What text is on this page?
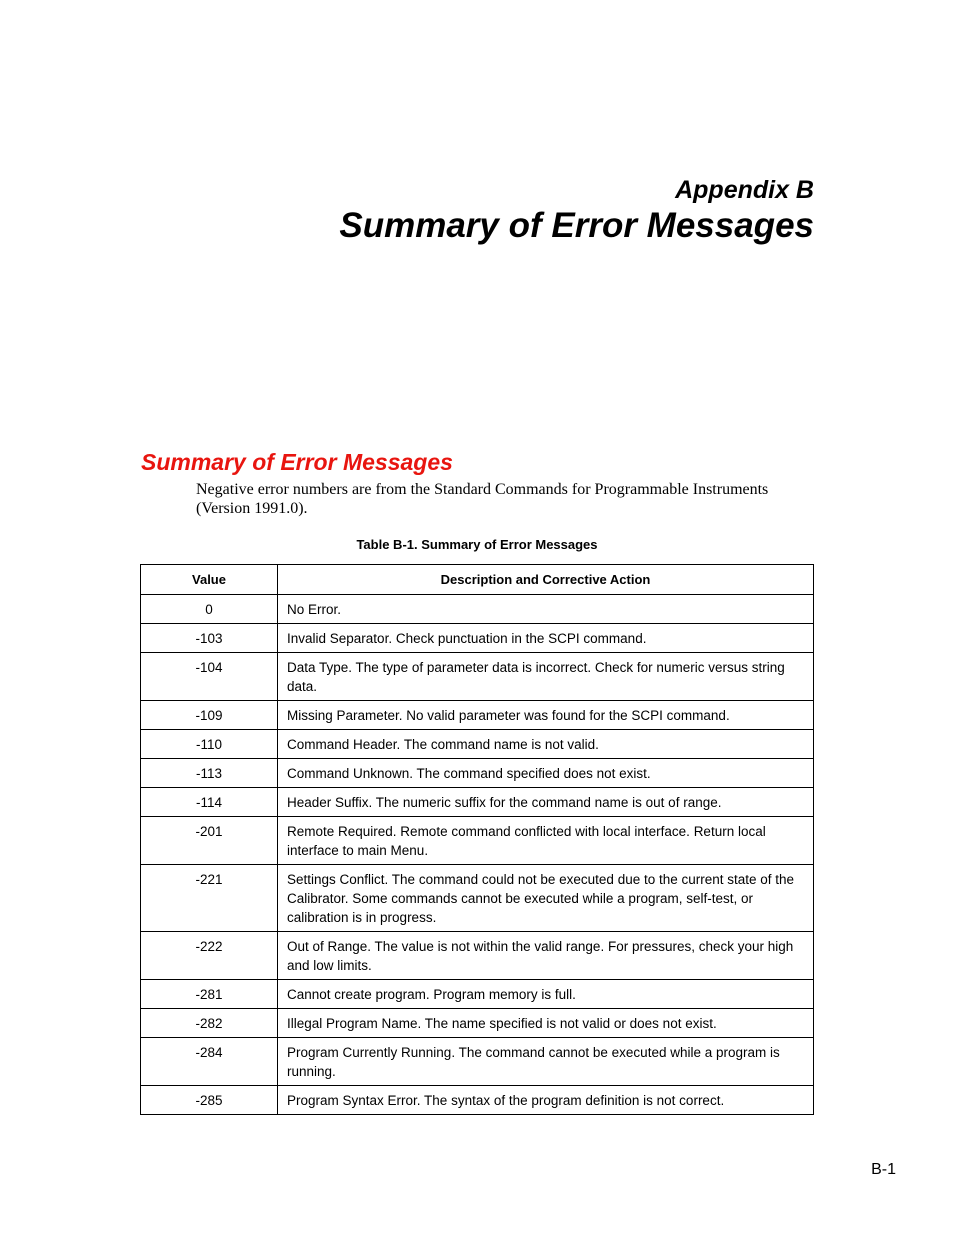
Appendix B
Summary of Error Messages
Summary of Error Messages
Negative error numbers are from the Standard Commands for Programmable Instruments (Version 1991.0).
Table B-1. Summary of Error Messages
Value	Description and Corrective Action
0	No Error.
-103	Invalid Separator. Check punctuation in the SCPI command.
-104	Data Type. The type of parameter data is incorrect. Check for numeric versus string data.
-109	Missing Parameter. No valid parameter was found for the SCPI command.
-110	Command Header. The command name is not valid.
-113	Command Unknown. The command specified does not exist.
-114	Header Suffix. The numeric suffix for the command name is out of range.
-201	Remote Required. Remote command conflicted with local interface. Return local interface to main Menu.
-221	Settings Conflict. The command could not be executed due to the current state of the Calibrator. Some commands cannot be executed while a program, self-test, or calibration is in progress.
-222	Out of Range. The value is not within the valid range. For pressures, check your high and low limits.
-281	Cannot create program. Program memory is full.
-282	Illegal Program Name. The name specified is not valid or does not exist.
-284	Program Currently Running. The command cannot be executed while a program is running.
-285	Program Syntax Error. The syntax of the program definition is not correct.
B-1
